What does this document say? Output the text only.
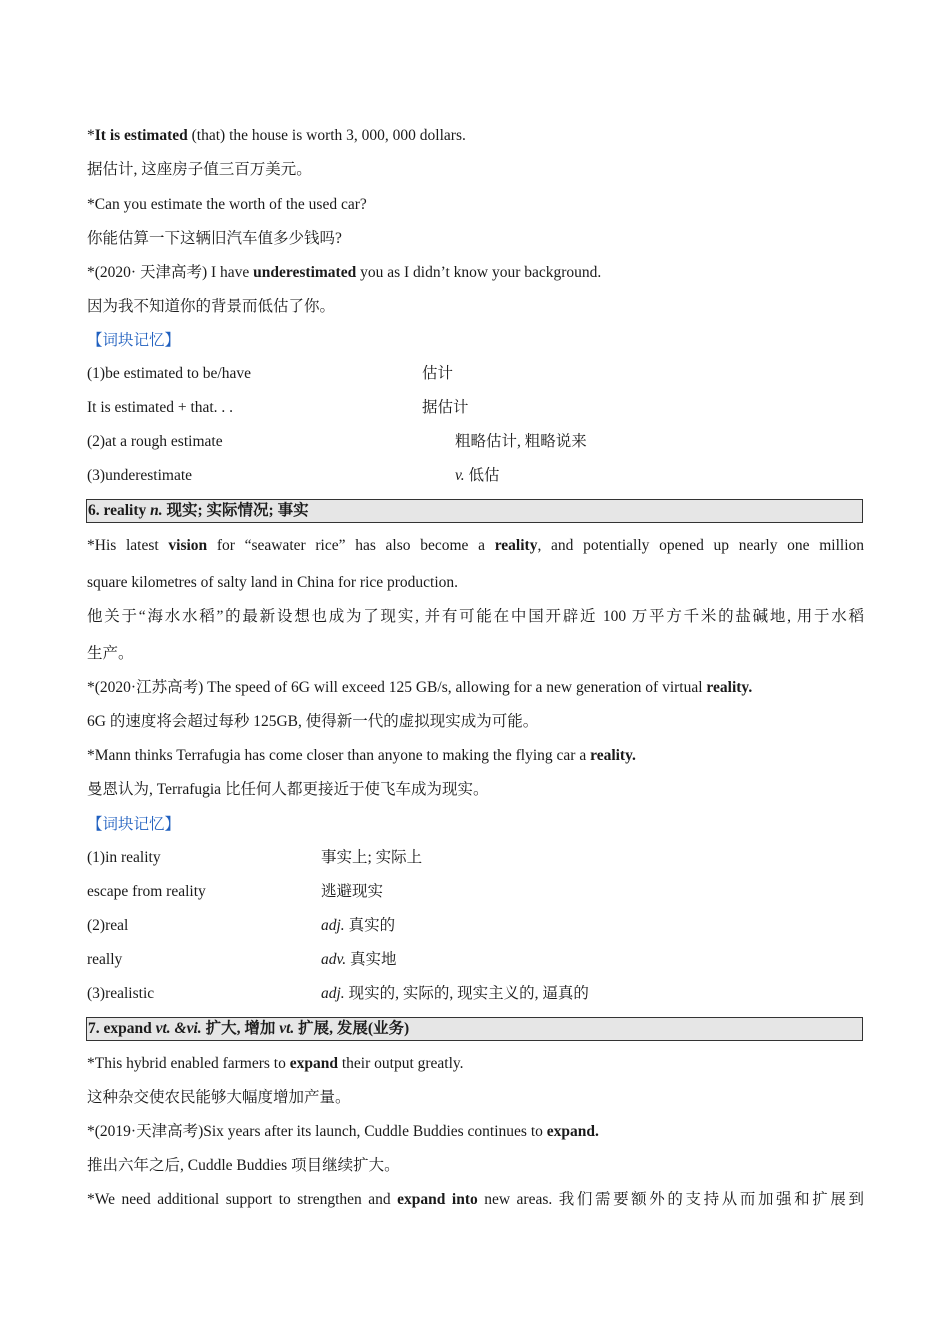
*It is estimated (that) the house is worth 3, 000, 000 dollars.
据估计, 这座房子值三百万美元。
*Can you estimate the worth of the used car?
你能估算一下这辆旧汽车值多少钱吗?
*(2020· 天津高考) I have underestimated you as I didn’t know your background.
因为我不知道你的背景而低估了你。
【词块记忆】
(1)be estimated to be/have	估计
It is estimated + that. . .	据估计
(2)at a rough estimate	粗略估计, 粗略说来
(3)underestimate	v. 低估
6. reality n. 现实; 实际情况; 事实
*His latest vision for “seawater rice” has also become a reality, and potentially opened up nearly one million
square kilometres of salty land in China for rice production.
他关于“海水水稻”的最新设想也成为了现实, 并有可能在中国开辟近 100 万平方千米的盐碱地, 用于水稻
生产。
*(2020·江苏高考) The speed of 6G will exceed 125 GB/s, allowing for a new generation of virtual reality.
6G 的速度将会超过每秒 125GB, 使得新一代的虚拟现实成为可能。
*Mann thinks Terrafugia has come closer than anyone to making the flying car a reality.
曼恩认为, Terrafugia 比任何人都更接近于使飞车成为现实。
【词块记忆】
(1)in reality	事实上; 实际上
escape from reality	逃避现实
(2)real	adj. 真实的
really	adv. 真实地
(3)realistic	adj. 现实的, 实际的, 现实主义的, 逼真的
7. expand vt. &vi. 扩大, 增加 vt. 扩展, 发展(业务)
*This hybrid enabled farmers to expand their output greatly.
这种杂交使农民能够大幅度增加产量。
*(2019·天津高考)Six years after its launch, Cuddle Buddies continues to expand.
推出六年之后, Cuddle Buddies 项目继续扩大。
*We need additional support to strengthen and expand into new areas. 我们需要额外的支持从而加强和扩展到
